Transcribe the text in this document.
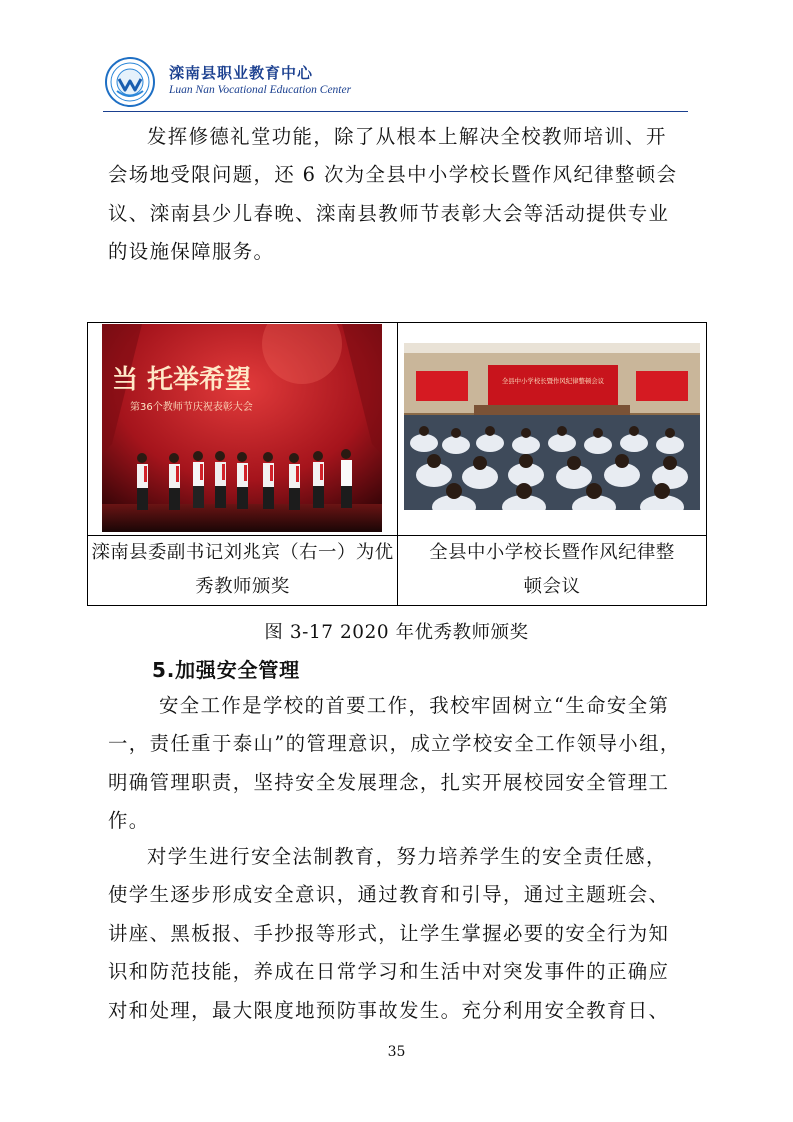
滦南县职业教育中心
Luan Nan Vocational Education Center
发挥修德礼堂功能，除了从根本上解决全校教师培训、开
会场地受限问题，还 6 次为全县中小学校长暨作风纪律整顿会
议、滦南县少儿春晚、滦南县教师节表彰大会等活动提供专业
的设施保障服务。
当 托举希望
第36个教师节庆祝表彰大会
全县中小学校长暨作风纪律整顿会议
滦南县委副书记刘兆宾（右一）为优
秀教师颁奖
全县中小学校长暨作风纪律整
顿会议
图 3-17 2020 年优秀教师颁奖
5.加强安全管理
安全工作是学校的首要工作，我校牢固树立“生命安全第
一，责任重于泰山”的管理意识，成立学校安全工作领导小组，
明确管理职责，坚持安全发展理念，扎实开展校园安全管理工
作。
对学生进行安全法制教育，努力培养学生的安全责任感，
使学生逐步形成安全意识，通过教育和引导，通过主题班会、
讲座、黑板报、手抄报等形式，让学生掌握必要的安全行为知
识和防范技能，养成在日常学习和生活中对突发事件的正确应
对和处理，最大限度地预防事故发生。充分利用安全教育日、
35
